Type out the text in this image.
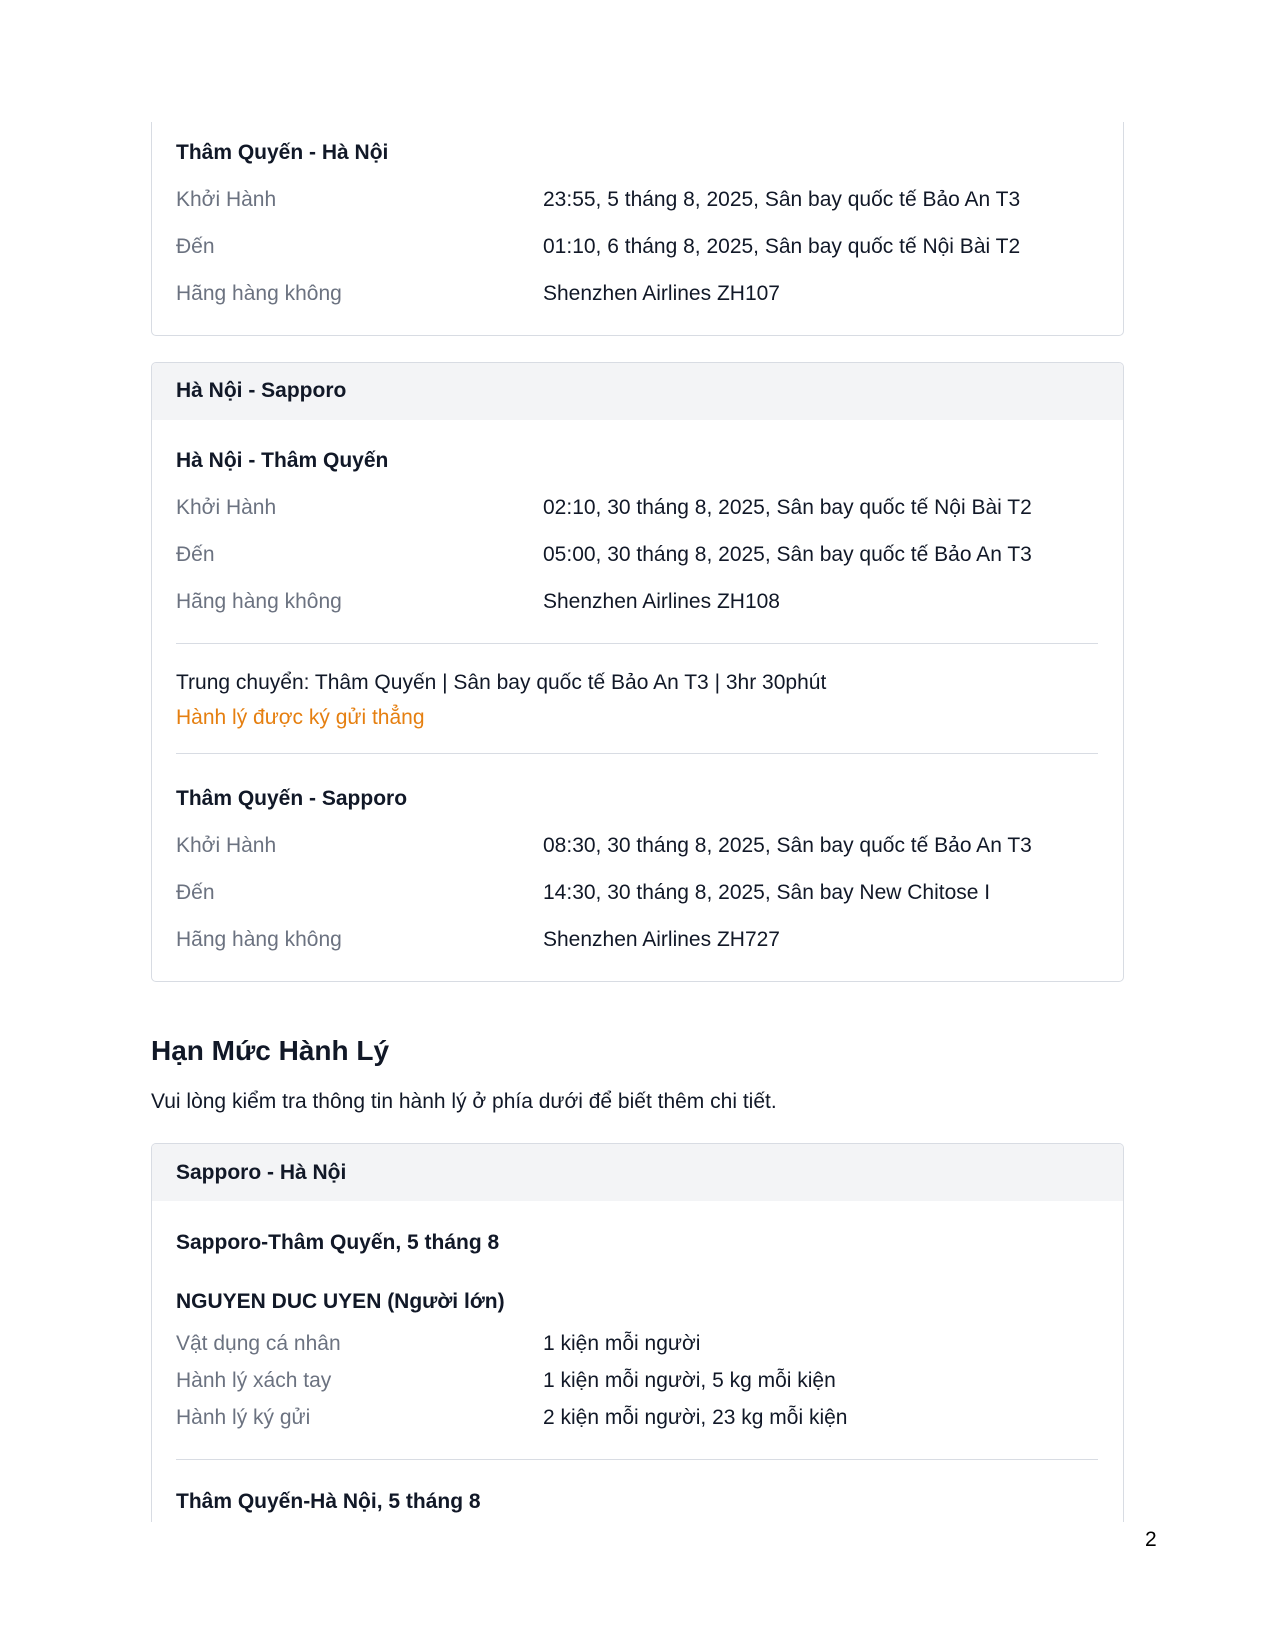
Thâm Quyến - Hà Nội
Khởi Hành	23:55, 5 tháng 8, 2025, Sân bay quốc tế Bảo An T3
Đến	01:10, 6 tháng 8, 2025, Sân bay quốc tế Nội Bài T2
Hãng hàng không	Shenzhen Airlines ZH107
Hà Nội - Sapporo
Hà Nội - Thâm Quyến
Khởi Hành	02:10, 30 tháng 8, 2025, Sân bay quốc tế Nội Bài T2
Đến	05:00, 30 tháng 8, 2025, Sân bay quốc tế Bảo An T3
Hãng hàng không	Shenzhen Airlines ZH108
Trung chuyển: Thâm Quyến | Sân bay quốc tế Bảo An T3 | 3hr 30phút
Hành lý được ký gửi thẳng
Thâm Quyến - Sapporo
Khởi Hành	08:30, 30 tháng 8, 2025, Sân bay quốc tế Bảo An T3
Đến	14:30, 30 tháng 8, 2025, Sân bay New Chitose I
Hãng hàng không	Shenzhen Airlines ZH727
Hạn Mức Hành Lý
Vui lòng kiểm tra thông tin hành lý ở phía dưới để biết thêm chi tiết.
Sapporo - Hà Nội
Sapporo-Thâm Quyến, 5 tháng 8
NGUYEN DUC UYEN (Người lớn)
Vật dụng cá nhân	1 kiện mỗi người
Hành lý xách tay	1 kiện mỗi người, 5 kg mỗi kiện
Hành lý ký gửi	2 kiện mỗi người, 23 kg mỗi kiện
Thâm Quyến-Hà Nội, 5 tháng 8
2
